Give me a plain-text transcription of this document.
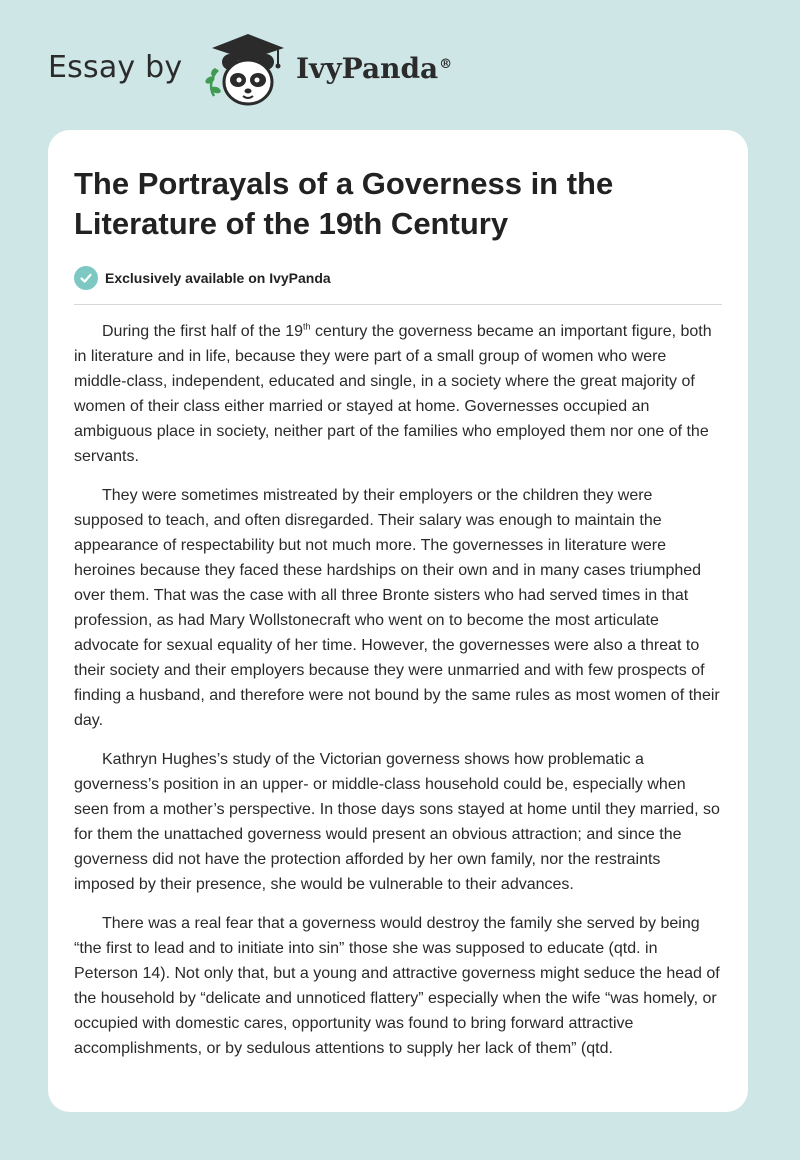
Essay by	IvyPanda®
The Portrayals of a Governess in the Literature of the 19th Century
Exclusively available on IvyPanda

During the first half of the 19th century the governess became an important figure, both in literature and in life, because they were part of a small group of women who were middle-class, independent, educated and single, in a society where the great majority of women of their class either married or stayed at home. Governesses occupied an ambiguous place in society, neither part of the families who employed them nor one of the servants.

They were sometimes mistreated by their employers or the children they were supposed to teach, and often disregarded. Their salary was enough to maintain the appearance of respectability but not much more. The governesses in literature were heroines because they faced these hardships on their own and in many cases triumphed over them. That was the case with all three Bronte sisters who had served times in that profession, as had Mary Wollstonecraft who went on to become the most articulate advocate for sexual equality of her time. However, the governesses were also a threat to their society and their employers because they were unmarried and with few prospects of finding a husband, and therefore were not bound by the same rules as most women of their day.

Kathryn Hughes’s study of the Victorian governess shows how problematic a governess’s position in an upper- or middle-class household could be, especially when seen from a mother’s perspective. In those days sons stayed at home until they married, so for them the unattached governess would present an obvious attraction; and since the governess did not have the protection afforded by her own family, nor the restraints imposed by their presence, she would be vulnerable to their advances.

There was a real fear that a governess would destroy the family she served by being “the first to lead and to initiate into sin” those she was supposed to educate (qtd. in Peterson 14). Not only that, but a young and attractive governess might seduce the head of the household by “delicate and unnoticed flattery” especially when the wife “was homely, or occupied with domestic cares, opportunity was found to bring forward attractive accomplishments, or by sedulous attentions to supply her lack of them” (qtd.
